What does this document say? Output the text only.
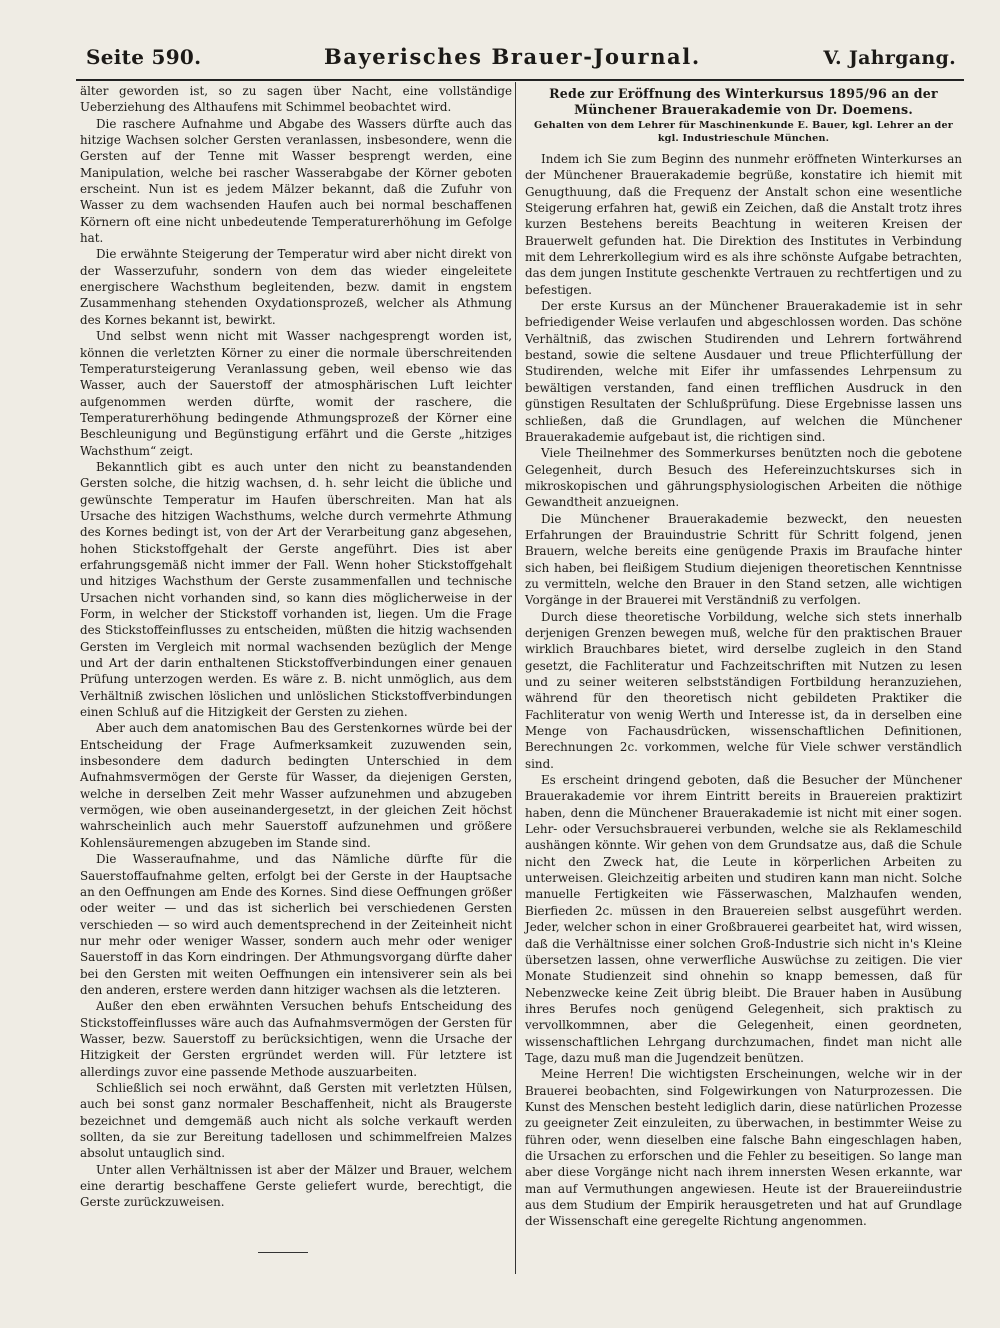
Seite 590.	Bayerisches Brauer-Journal.	V. Jahrgang.

älter geworden ist, so zu sagen über Nacht, eine vollständige Ueberziehung des Althaufens mit Schimmel beobachtet wird.

Die raschere Aufnahme und Abgabe des Wassers dürfte auch das hitzige Wachsen solcher Gersten veranlassen, insbesondere, wenn die Gersten auf der Tenne mit Wasser besprengt werden, eine Manipulation, welche bei rascher Wasserabgabe der Körner geboten erscheint. Nun ist es jedem Mälzer bekannt, daß die Zufuhr von Wasser zu dem wachsenden Haufen auch bei normal beschaffenen Körnern oft eine nicht unbedeutende Temperaturerhöhung im Gefolge hat.

Die erwähnte Steigerung der Temperatur wird aber nicht direkt von der Wasserzufuhr, sondern von dem das wieder eingeleitete energischere Wachsthum begleitenden, bezw. damit in engstem Zusammenhang stehenden Oxydationsprozeß, welcher als Athmung des Kornes bekannt ist, bewirkt.

Und selbst wenn nicht mit Wasser nachgesprengt worden ist, können die verletzten Körner zu einer die normale überschreitenden Temperatursteigerung Veranlassung geben, weil ebenso wie das Wasser, auch der Sauerstoff der atmosphärischen Luft leichter aufgenommen werden dürfte, womit der raschere, die Temperaturerhöhung bedingende Athmungsprozeß der Körner eine Beschleunigung und Begünstigung erfährt und die Gerste „hitziges Wachsthum“ zeigt.

Bekanntlich gibt es auch unter den nicht zu beanstandenden Gersten solche, die hitzig wachsen, d. h. sehr leicht die übliche und gewünschte Temperatur im Haufen überschreiten. Man hat als Ursache des hitzigen Wachsthums, welche durch vermehrte Athmung des Kornes bedingt ist, von der Art der Verarbeitung ganz abgesehen, hohen Stickstoffgehalt der Gerste angeführt. Dies ist aber erfahrungsgemäß nicht immer der Fall. Wenn hoher Stickstoffgehalt und hitziges Wachsthum der Gerste zusammenfallen und technische Ursachen nicht vorhanden sind, so kann dies möglicherweise in der Form, in welcher der Stickstoff vorhanden ist, liegen. Um die Frage des Stickstoffeinflusses zu entscheiden, müßten die hitzig wachsenden Gersten im Vergleich mit normal wachsenden bezüglich der Menge und Art der darin enthaltenen Stickstoffverbindungen einer genauen Prüfung unterzogen werden. Es wäre z. B. nicht unmöglich, aus dem Verhältniß zwischen löslichen und unlöslichen Stickstoffverbindungen einen Schluß auf die Hitzigkeit der Gersten zu ziehen.

Aber auch dem anatomischen Bau des Gerstenkornes würde bei der Entscheidung der Frage Aufmerksamkeit zuzuwenden sein, insbesondere dem dadurch bedingten Unterschied in dem Aufnahmsvermögen der Gerste für Wasser, da diejenigen Gersten, welche in derselben Zeit mehr Wasser aufzunehmen und abzugeben vermögen, wie oben auseinandergesetzt, in der gleichen Zeit höchst wahrscheinlich auch mehr Sauerstoff aufzunehmen und größere Kohlensäuremengen abzugeben im Stande sind.

Die Wasseraufnahme, und das Nämliche dürfte für die Sauerstoffaufnahme gelten, erfolgt bei der Gerste in der Hauptsache an den Oeffnungen am Ende des Kornes. Sind diese Oeffnungen größer oder weiter — und das ist sicherlich bei verschiedenen Gersten verschieden — so wird auch dementsprechend in der Zeiteinheit nicht nur mehr oder weniger Wasser, sondern auch mehr oder weniger Sauerstoff in das Korn eindringen. Der Athmungsvorgang dürfte daher bei den Gersten mit weiten Oeffnungen ein intensiverer sein als bei den anderen, erstere werden dann hitziger wachsen als die letzteren.

Außer den eben erwähnten Versuchen behufs Entscheidung des Stickstoffeinflusses wäre auch das Aufnahmsvermögen der Gersten für Wasser, bezw. Sauerstoff zu berücksichtigen, wenn die Ursache der Hitzigkeit der Gersten ergründet werden will. Für letztere ist allerdings zuvor eine passende Methode auszuarbeiten.

Schließlich sei noch erwähnt, daß Gersten mit verletzten Hülsen, auch bei sonst ganz normaler Beschaffenheit, nicht als Braugerste bezeichnet und demgemäß auch nicht als solche verkauft werden sollten, da sie zur Bereitung tadellosen und schimmelfreien Malzes absolut untauglich sind.

Unter allen Verhältnissen ist aber der Mälzer und Brauer, welchem eine derartig beschaffene Gerste geliefert wurde, berechtigt, die Gerste zurückzuweisen.

Rede zur Eröffnung des Winterkursus 1895/96 an der Münchener Brauerakademie von Dr. Doemens.
Gehalten von dem Lehrer für Maschinenkunde E. Bauer, kgl. Lehrer an der kgl. Industrieschule München.

Indem ich Sie zum Beginn des nunmehr eröffneten Winterkurses an der Münchener Brauerakademie begrüße, konstatire ich hiemit mit Genugthuung, daß die Frequenz der Anstalt schon eine wesentliche Steigerung erfahren hat, gewiß ein Zeichen, daß die Anstalt trotz ihres kurzen Bestehens bereits Beachtung in weiteren Kreisen der Brauerwelt gefunden hat. Die Direktion des Institutes in Verbindung mit dem Lehrerkollegium wird es als ihre schönste Aufgabe betrachten, das dem jungen Institute geschenkte Vertrauen zu rechtfertigen und zu befestigen.

Der erste Kursus an der Münchener Brauerakademie ist in sehr befriedigender Weise verlaufen und abgeschlossen worden. Das schöne Verhältniß, das zwischen Studirenden und Lehrern fortwährend bestand, sowie die seltene Ausdauer und treue Pflichterfüllung der Studirenden, welche mit Eifer ihr umfassendes Lehrpensum zu bewältigen verstanden, fand einen trefflichen Ausdruck in den günstigen Resultaten der Schlußprüfung. Diese Ergebnisse lassen uns schließen, daß die Grundlagen, auf welchen die Münchener Brauerakademie aufgebaut ist, die richtigen sind.

Viele Theilnehmer des Sommerkurses benützten noch die gebotene Gelegenheit, durch Besuch des Hefereinzuchtskurses sich in mikroskopischen und gährungsphysiologischen Arbeiten die nöthige Gewandtheit anzueignen.

Die Münchener Brauerakademie bezweckt, den neuesten Erfahrungen der Brauindustrie Schritt für Schritt folgend, jenen Brauern, welche bereits eine genügende Praxis im Braufache hinter sich haben, bei fleißigem Studium diejenigen theoretischen Kenntnisse zu vermitteln, welche den Brauer in den Stand setzen, alle wichtigen Vorgänge in der Brauerei mit Verständniß zu verfolgen.

Durch diese theoretische Vorbildung, welche sich stets innerhalb derjenigen Grenzen bewegen muß, welche für den praktischen Brauer wirklich Brauchbares bietet, wird derselbe zugleich in den Stand gesetzt, die Fachliteratur und Fachzeitschriften mit Nutzen zu lesen und zu seiner weiteren selbstständigen Fortbildung heranzuziehen, während für den theoretisch nicht gebildeten Praktiker die Fachliteratur von wenig Werth und Interesse ist, da in derselben eine Menge von Fachausdrücken, wissenschaftlichen Definitionen, Berechnungen 2c. vorkommen, welche für Viele schwer verständlich sind.

Es erscheint dringend geboten, daß die Besucher der Münchener Brauerakademie vor ihrem Eintritt bereits in Brauereien praktizirt haben, denn die Münchener Brauerakademie ist nicht mit einer sogen. Lehr- oder Versuchsbrauerei verbunden, welche sie als Reklameschild aushängen könnte. Wir gehen von dem Grundsatze aus, daß die Schule nicht den Zweck hat, die Leute in körperlichen Arbeiten zu unterweisen. Gleichzeitig arbeiten und studiren kann man nicht. Solche manuelle Fertigkeiten wie Fässerwaschen, Malzhaufen wenden, Bierfieden 2c. müssen in den Brauereien selbst ausgeführt werden. Jeder, welcher schon in einer Großbrauerei gearbeitet hat, wird wissen, daß die Verhältnisse einer solchen Groß-Industrie sich nicht in's Kleine übersetzen lassen, ohne verwerfliche Auswüchse zu zeitigen. Die vier Monate Studienzeit sind ohnehin so knapp bemessen, daß für Nebenzwecke keine Zeit übrig bleibt. Die Brauer haben in Ausübung ihres Berufes noch genügend Gelegenheit, sich praktisch zu vervollkommnen, aber die Gelegenheit, einen geordneten, wissenschaftlichen Lehrgang durchzumachen, findet man nicht alle Tage, dazu muß man die Jugendzeit benützen.

Meine Herren! Die wichtigsten Erscheinungen, welche wir in der Brauerei beobachten, sind Folgewirkungen von Naturprozessen. Die Kunst des Menschen besteht lediglich darin, diese natürlichen Prozesse zu geeigneter Zeit einzuleiten, zu überwachen, in bestimmter Weise zu führen oder, wenn dieselben eine falsche Bahn eingeschlagen haben, die Ursachen zu erforschen und die Fehler zu beseitigen. So lange man aber diese Vorgänge nicht nach ihrem innersten Wesen erkannte, war man auf Vermuthungen angewiesen. Heute ist der Brauereiindustrie aus dem Studium der Empirik herausgetreten und hat auf Grundlage der Wissenschaft eine geregelte Richtung angenommen.
